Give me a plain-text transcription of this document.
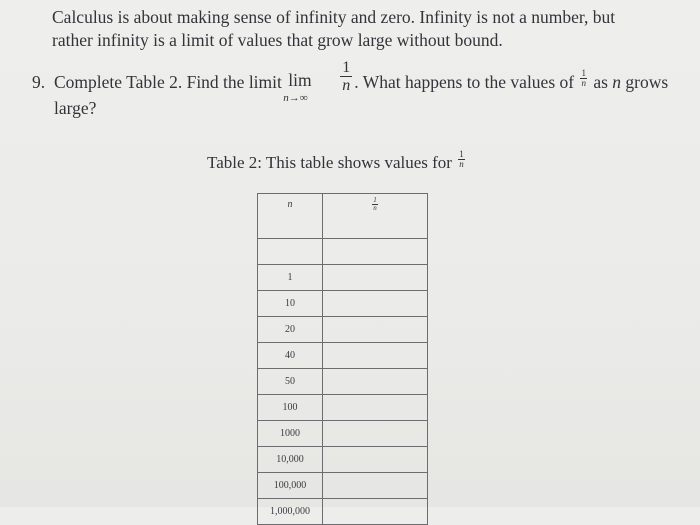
Calculus is about making sense of infinity and zero. Infinity is not a number, but
rather infinity is a limit of values that grow large without bound.
9. Complete Table 2. Find the limit lim
n→∞
$\frac{1}{n}$ . What happens to the values of $\frac{1}{n}$ as n grows
large?
Table 2: This table shows values for $\frac{1}{n}$
n	$\frac{1}{n}$

1	
10	
20	
40	
50	
100	
1000	
10,000	
100,000	
1,000,000	
